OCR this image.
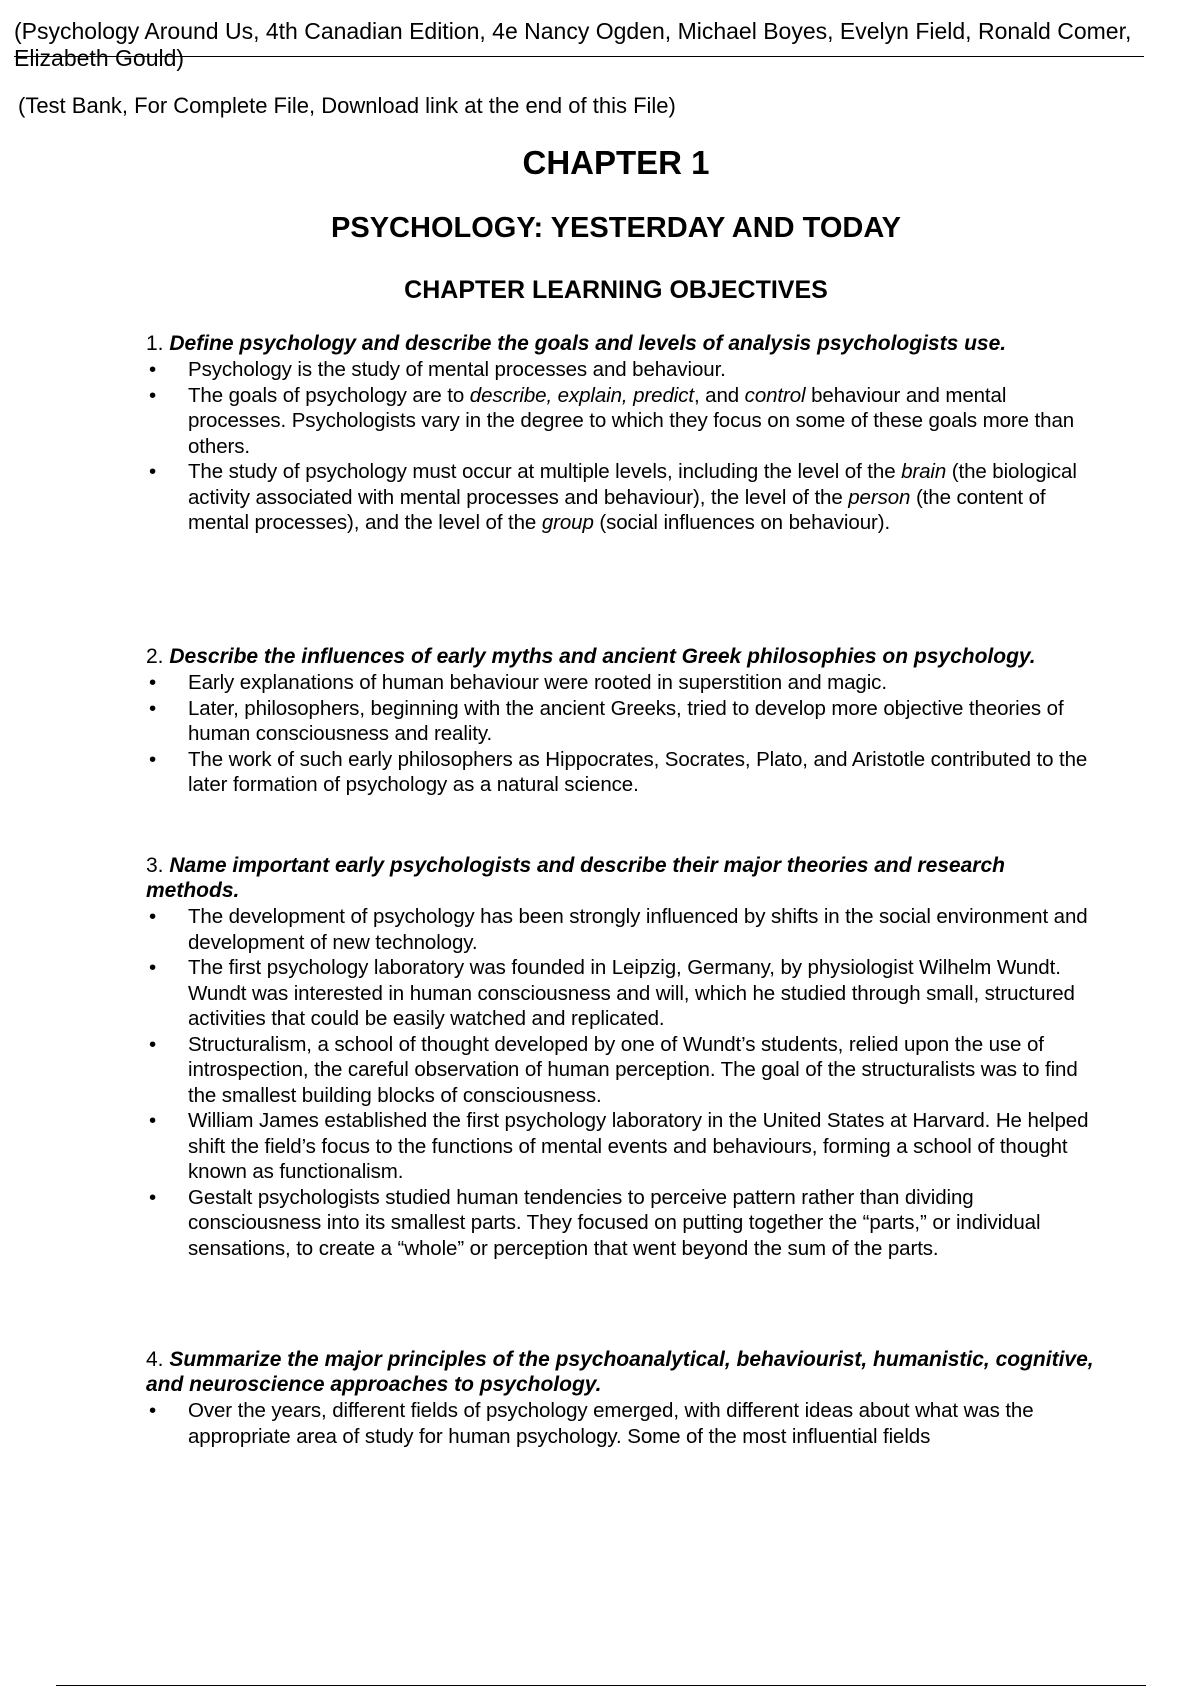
(Psychology Around Us, 4th Canadian Edition, 4e Nancy Ogden, Michael Boyes, Evelyn Field, Ronald Comer,
Elizabeth Gould)

(Test Bank, For Complete File, Download link at the end of this File)

CHAPTER 1
PSYCHOLOGY: YESTERDAY AND TODAY
CHAPTER LEARNING OBJECTIVES

1. Define psychology and describe the goals and levels of analysis psychologists use.

• Psychology is the study of mental processes and behaviour.
• The goals of psychology are to describe, explain, predict, and control behaviour and mental processes. Psychologists vary in the degree to which they focus on some of these goals more than others.
• The study of psychology must occur at multiple levels, including the level of the brain (the biological activity associated with mental processes and behaviour), the level of the person (the content of mental processes), and the level of the group (social influences on behaviour).

2. Describe the influences of early myths and ancient Greek philosophies on psychology.

• Early explanations of human behaviour were rooted in superstition and magic.
• Later, philosophers, beginning with the ancient Greeks, tried to develop more objective theories of human consciousness and reality.
• The work of such early philosophers as Hippocrates, Socrates, Plato, and Aristotle contributed to the later formation of psychology as a natural science.

3. Name important early psychologists and describe their major theories and research methods.

• The development of psychology has been strongly influenced by shifts in the social environment and development of new technology.
• The first psychology laboratory was founded in Leipzig, Germany, by physiologist Wilhelm Wundt. Wundt was interested in human consciousness and will, which he studied through small, structured activities that could be easily watched and replicated.
• Structuralism, a school of thought developed by one of Wundt’s students, relied upon the use of introspection, the careful observation of human perception. The goal of the structuralists was to find the smallest building blocks of consciousness.
• William James established the first psychology laboratory in the United States at Harvard. He helped shift the field’s focus to the functions of mental events and behaviours, forming a school of thought known as functionalism.
• Gestalt psychologists studied human tendencies to perceive pattern rather than dividing consciousness into its smallest parts. They focused on putting together the “parts,” or individual sensations, to create a “whole” or perception that went beyond the sum of the parts.

4. Summarize the major principles of the psychoanalytical, behaviourist, humanistic, cognitive, and neuroscience approaches to psychology.

• Over the years, different fields of psychology emerged, with different ideas about what was the appropriate area of study for human psychology. Some of the most influential fields
